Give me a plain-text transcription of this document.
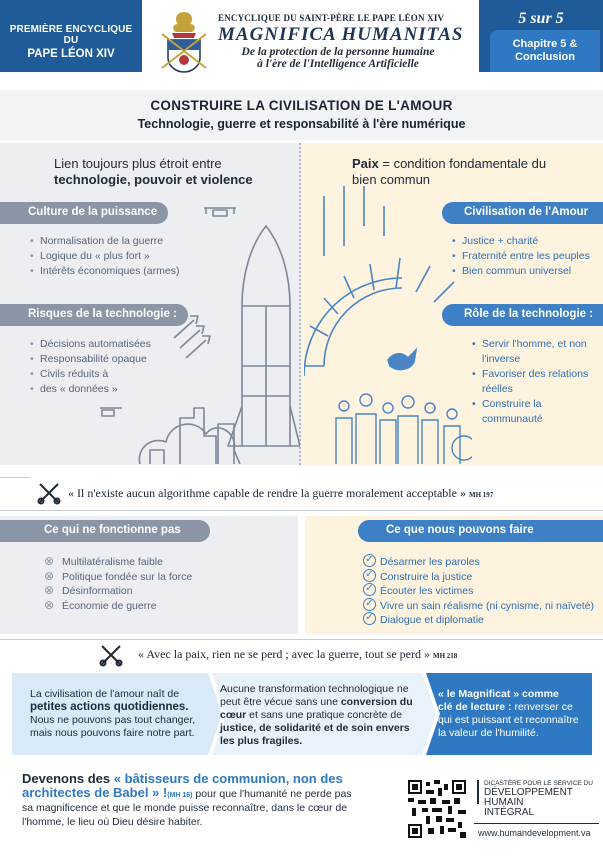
PREMIÈRE ENCYCLIQUE DU
PAPE LÉON XIV
ENCYCLIQUE DU SAINT-PÈRE LE PAPE LÉON XIV
MAGNIFICA HUMANITAS
De la protection de la personne humaine
à l'ère de l'Intelligence Artificielle
5 sur 5
Chapitre 5 &
Conclusion
CONSTRUIRE LA CIVILISATION DE L'AMOUR
Technologie, guerre et responsabilité à l'ère numérique
Lien toujours plus étroit entre
technologie, pouvoir et violence
Culture de la puissance
• Normalisation de la guerre
• Logique du « plus fort »
• Intérêts économiques (armes)
Risques de la technologie :
• Décisions automatisées
• Responsabilité opaque
• Civils réduits à
• des « données »
Paix = condition fondamentale du
bien commun
Civilisation de l'Amour
• Justice + charité
• Fraternité entre les peuples
• Bien commun universel
Rôle de la technologie :
• Servir l'homme, et non
l'inverse
• Favoriser des relations
réelles
• Construire la
communauté
« Il n'existe aucun algorithme capable de rendre la guerre moralement acceptable » MH 197
Ce qui ne fonctionne pas	Ce que nous pouvons faire
⊗ Multilatéralisme faible
⊗ Politique fondée sur la force
⊗ Désinformation
⊗ Économie de guerre
✓ Désarmer les paroles
✓ Construire la justice
✓ Écouter les victimes
✓ Vivre un sain réalisme (ni cynisme, ni naïveté)
✓ Dialogue et diplomatie
« Avec la paix, rien ne se perd ; avec la guerre, tout se perd » MH 218
La civilisation de l'amour naît de
petites actions quotidiennes.
Nous ne pouvons pas tout changer,
mais nous pouvons faire notre part.
Aucune transformation technologique ne
peut être vécue sans une conversion du
cœur et sans une pratique concrète de
justice, de solidarité et de soin envers
les plus fragiles.
« le Magnificat » comme
clé de lecture : renverser ce
qui est puissant et reconnaître
la valeur de l'humilité.
Devenons des « bâtisseurs de communion, non des
architectes de Babel » !(MH 16) pour que l'humanité ne perde pas
sa magnificence et que le monde puisse reconnaître, dans le cœur de
l'homme, le lieu où Dieu désire habiter.
DICASTÈRE POUR LE SERVICE DU
DÉVELOPPEMENT
HUMAIN
INTÉGRAL
www.humandevelopment.va
